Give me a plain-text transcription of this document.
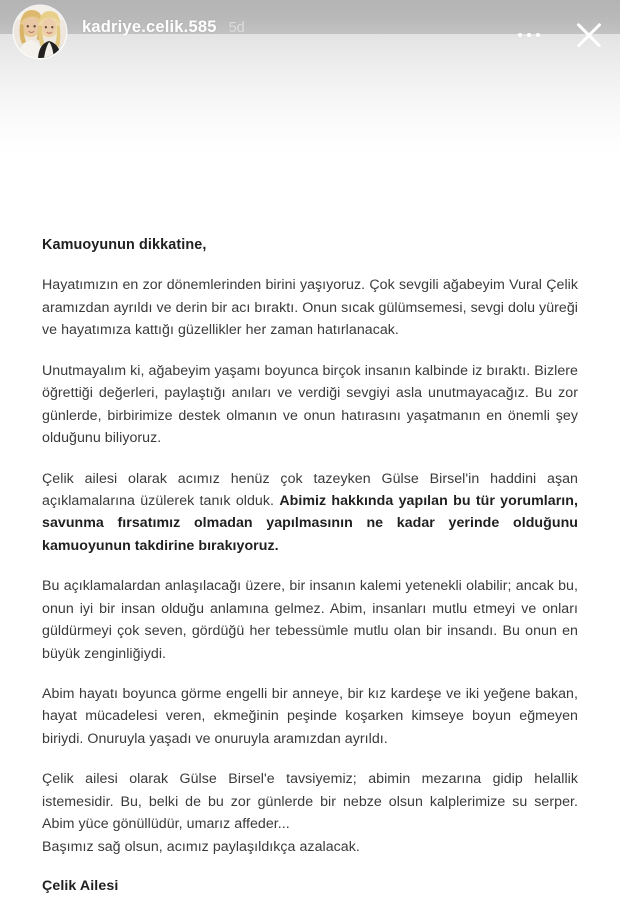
kadriye.celik.585 5d
Kamuoyunun dikkatine,

Hayatımızın en zor dönemlerinden birini yaşıyoruz. Çok sevgili ağabeyim Vural Çelik aramızdan ayrıldı ve derin bir acı bıraktı. Onun sıcak gülümsemesi, sevgi dolu yüreği ve hayatımıza kattığı güzellikler her zaman hatırlanacak.

Unutmayalım ki, ağabeyim yaşamı boyunca birçok insanın kalbinde iz bıraktı. Bizlere öğrettiği değerleri, paylaştığı anıları ve verdiği sevgiyi asla unutmayacağız. Bu zor günlerde, birbirimize destek olmanın ve onun hatırasını yaşatmanın en önemli şey olduğunu biliyoruz.

Çelik ailesi olarak acımız henüz çok tazeyken Gülse Birsel'in haddini aşan açıklamalarına üzülerek tanık olduk. Abimiz hakkında yapılan bu tür yorumların, savunma fırsatımız olmadan yapılmasının ne kadar yerinde olduğunu kamuoyunun takdirine bırakıyoruz.

Bu açıklamalardan anlaşılacağı üzere, bir insanın kalemi yetenekli olabilir; ancak bu, onun iyi bir insan olduğu anlamına gelmez. Abim, insanları mutlu etmeyi ve onları güldürmeyi çok seven, gördüğü her tebessümle mutlu olan bir insandı. Bu onun en büyük zenginliğiydi.

Abim hayatı boyunca görme engelli bir anneye, bir kız kardeşe ve iki yeğene bakan, hayat mücadelesi veren, ekmeğinin peşinde koşarken kimseye boyun eğmeyen biriydi. Onuruyla yaşadı ve onuruyla aramızdan ayrıldı.

Çelik ailesi olarak Gülse Birsel'e tavsiyemiz; abimin mezarına gidip helallik istemesidir. Bu, belki de bu zor günlerde bir nebze olsun kalplerimize su serper. Abim yüce gönüllüdür, umarız affeder...

Başımız sağ olsun, acımız paylaşıldıkça azalacak.

Çelik Ailesi
